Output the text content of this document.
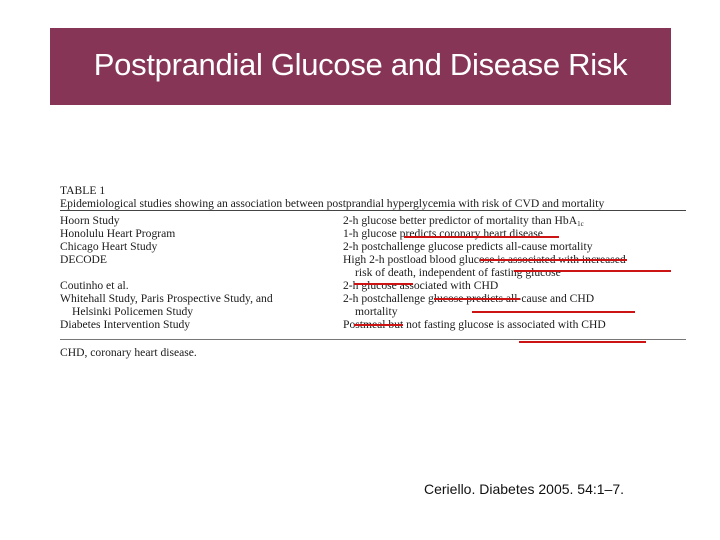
Postprandial Glucose and Disease Risk
TABLE 1
Epidemiological studies showing an association between postprandial hyperglycemia with risk of CVD and mortality
Hoorn Study
Honolulu Heart Program
Chicago Heart Study
DECODE
Coutinho et al.
Whitehall Study, Paris Prospective Study, and
Helsinki Policemen Study
Diabetes Intervention Study
2-h glucose better predictor of mortality than HbA$_{1c}$
1-h glucose predicts coronary heart disease
2-h postchallenge glucose predicts all-cause mortality
High 2-h postload blood glucose is associated with increased
risk of death, independent of fasting glucose
2-h glucose associated with CHD
2-h postchallenge glucose predicts all-cause and CHD
mortality
Postmeal but not fasting glucose is associated with CHD
CHD, coronary heart disease.
Ceriello. Diabetes 2005. 54:1–7.
